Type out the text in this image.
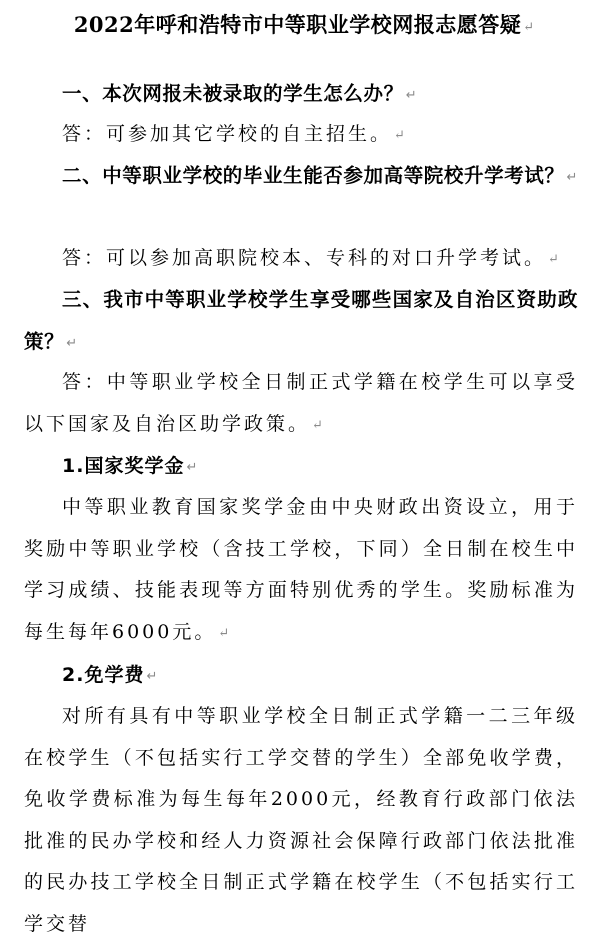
2022年呼和浩特市中等职业学校网报志愿答疑 ↵

一、本次网报未被录取的学生怎么办？ ↵

答：可参加其它学校的自主招生。 ↵

二、中等职业学校的毕业生能否参加高等院校升学考试？ ↵

答：可以参加高职院校本、专科的对口升学考试。 ↵

三、我市中等职业学校学生享受哪些国家及自治区资助政策？ ↵

答：中等职业学校全日制正式学籍在校学生可以享受以下国家及自治区助学政策。 ↵

1.国家奖学金 ↵

中等职业教育国家奖学金由中央财政出资设立，用于奖励中等职业学校（含技工学校，下同）全日制在校生中学习成绩、技能表现等方面特别优秀的学生。奖励标准为每生每年6000元。 ↵

2.免学费 ↵

对所有具有中等职业学校全日制正式学籍一二三年级在校学生（不包括实行工学交替的学生）全部免收学费，免收学费标准为每生每年2000元，经教育行政部门依法批准的民办学校和经人力资源社会保障行政部门依法批准的民办技工学校全日制正式学籍在校学生（不包括实行工学交替
